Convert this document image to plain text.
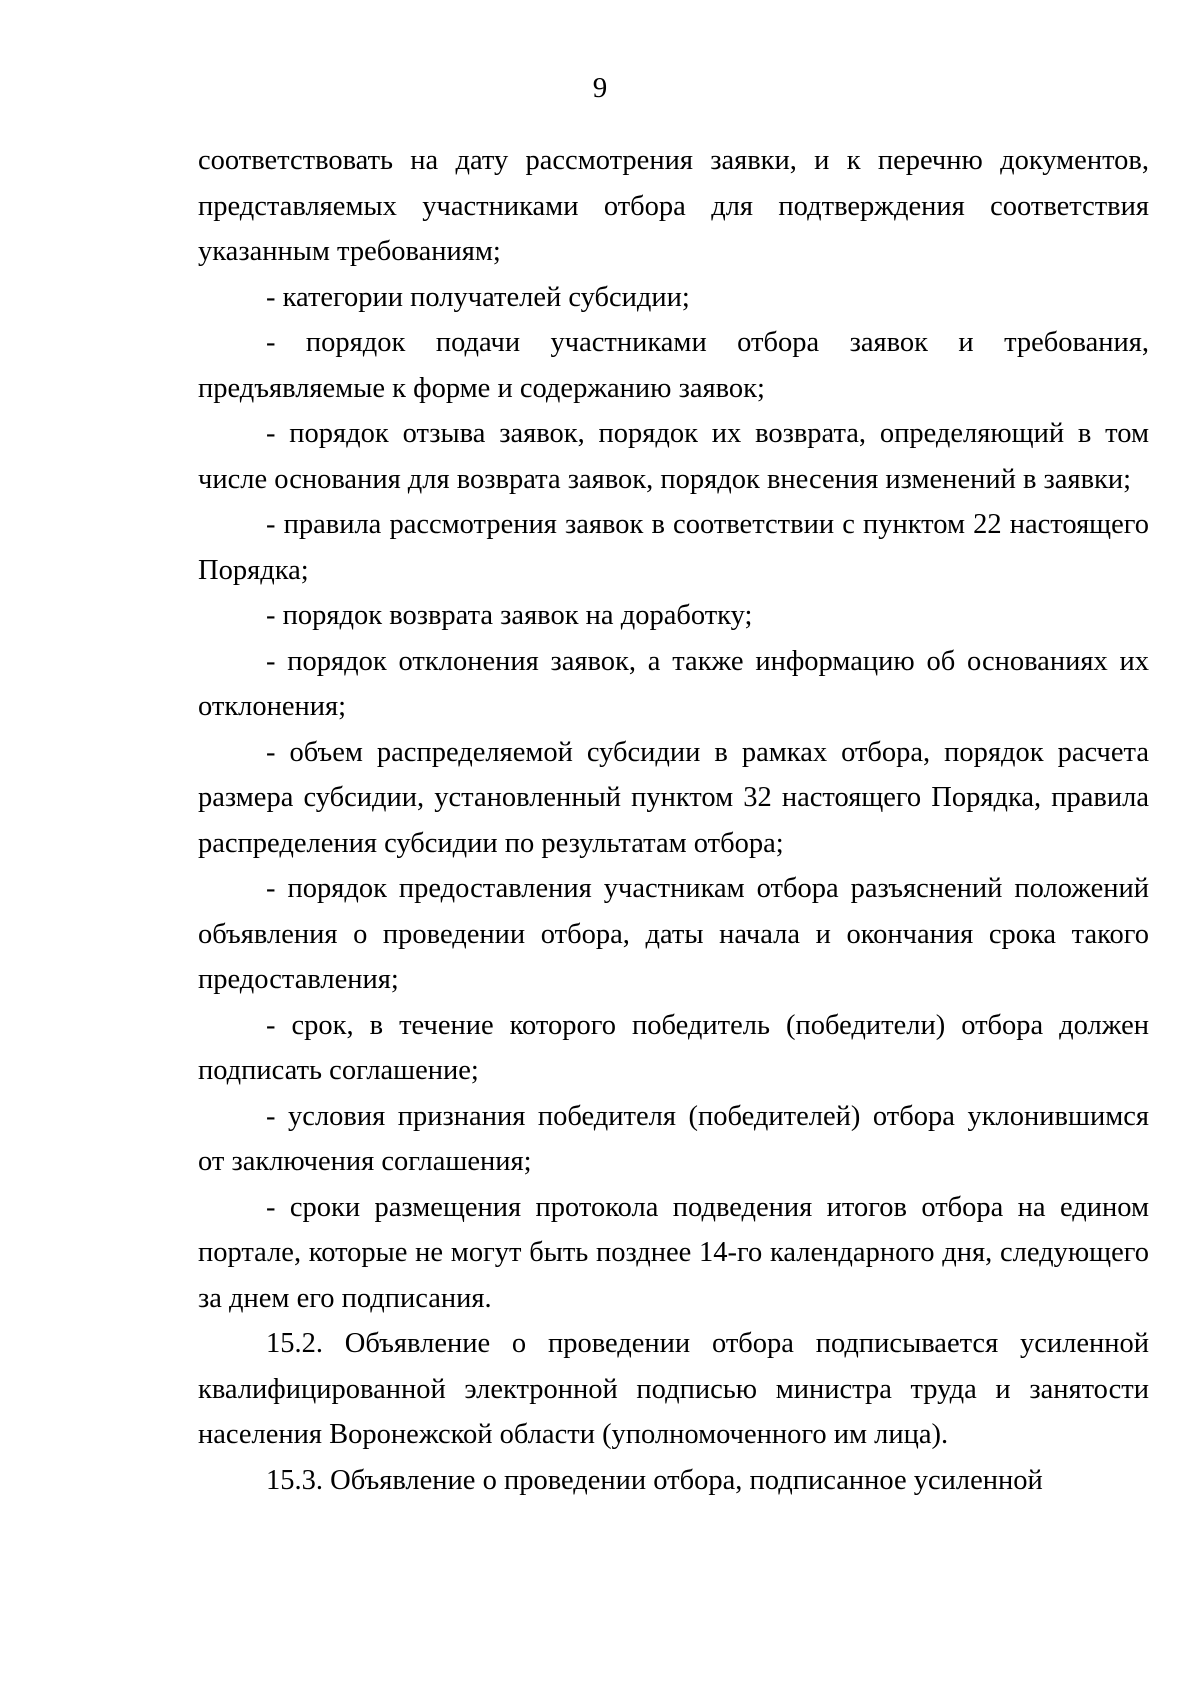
9

соответствовать на дату рассмотрения заявки, и к перечню документов, представляемых участниками отбора для подтверждения соответствия указанным требованиям;

- категории получателей субсидии;

- порядок подачи участниками отбора заявок и требования, предъявляемые к форме и содержанию заявок;

- порядок отзыва заявок, порядок их возврата, определяющий в том числе основания для возврата заявок, порядок внесения изменений в заявки;

- правила рассмотрения заявок в соответствии с пунктом 22 настоящего Порядка;

- порядок возврата заявок на доработку;

- порядок отклонения заявок, а также информацию об основаниях их отклонения;

- объем распределяемой субсидии в рамках отбора, порядок расчета размера субсидии, установленный пунктом 32 настоящего Порядка, правила распределения субсидии по результатам отбора;

- порядок предоставления участникам отбора разъяснений положений объявления о проведении отбора, даты начала и окончания срока такого предоставления;

- срок, в течение которого победитель (победители) отбора должен подписать соглашение;

- условия признания победителя (победителей) отбора уклонившимся от заключения соглашения;

- сроки размещения протокола подведения итогов отбора на едином портале, которые не могут быть позднее 14-го календарного дня, следующего за днем его подписания.

15.2. Объявление о проведении отбора подписывается усиленной квалифицированной электронной подписью министра труда и занятости населения Воронежской области (уполномоченного им лица).

15.3. Объявление о проведении отбора, подписанное усиленной
